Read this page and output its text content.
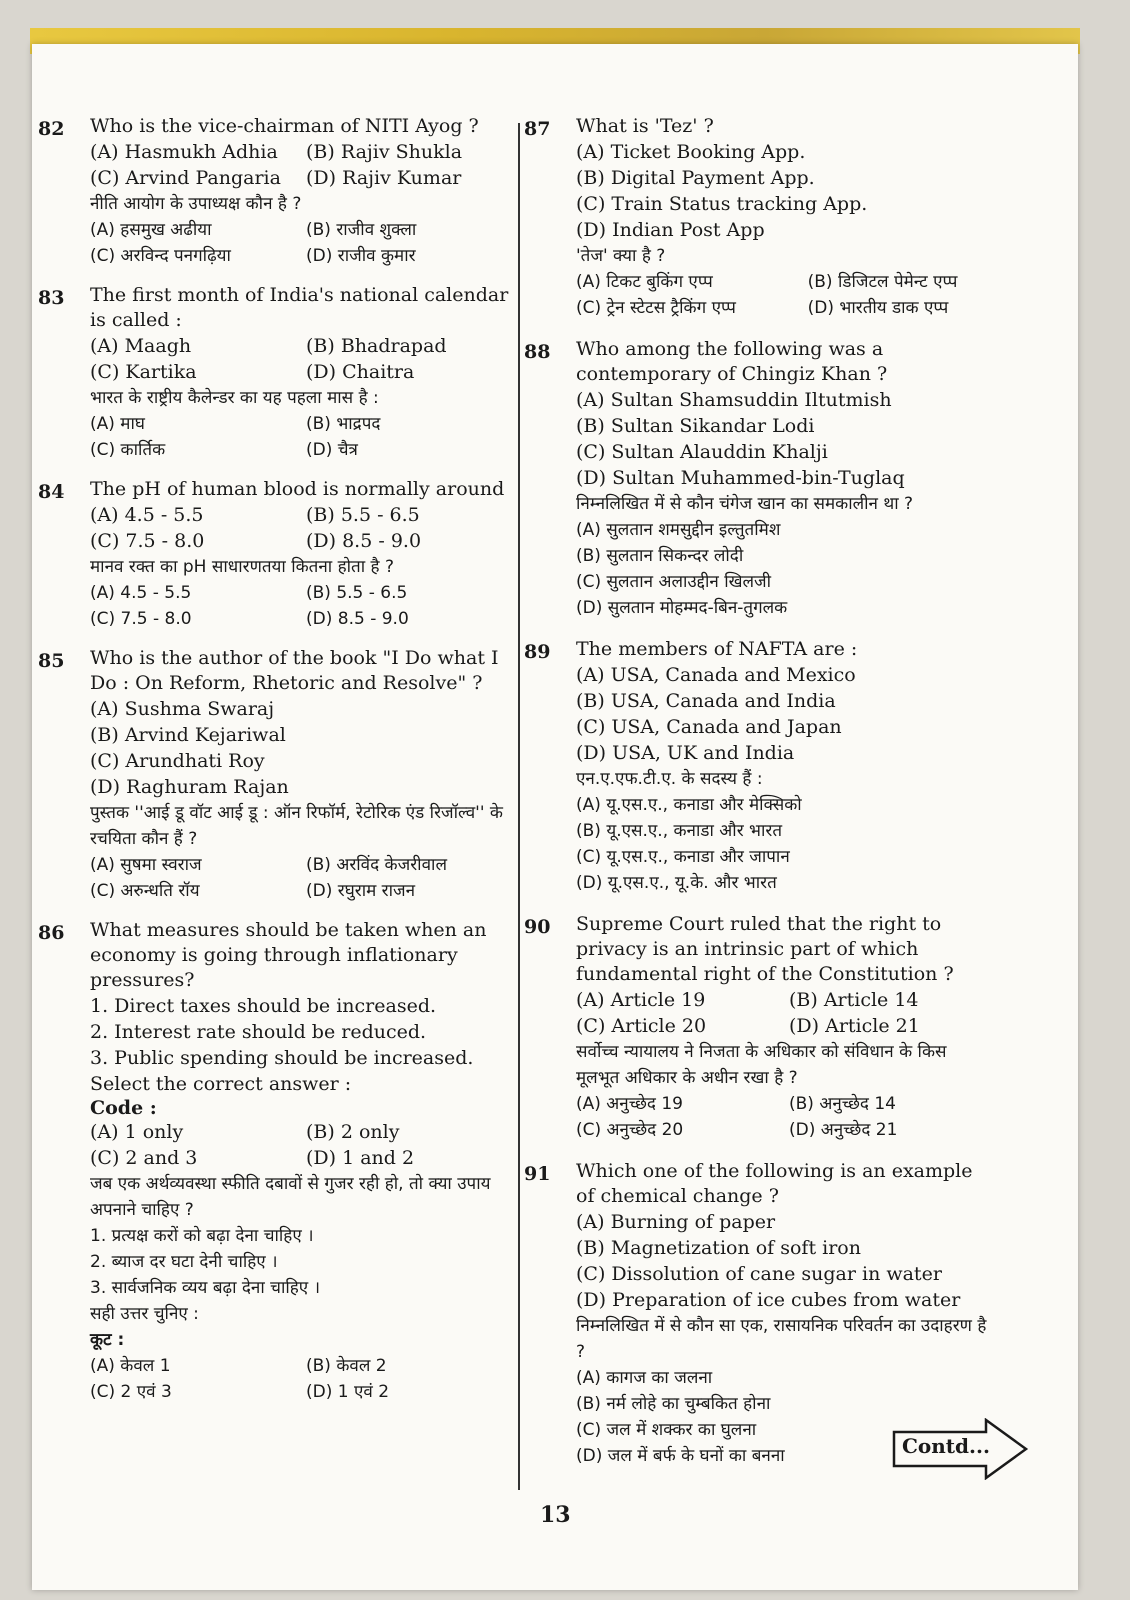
82 Who is the vice-chairman of NITI Ayog ?
(A) Hasmukh Adhia	(B) Rajiv Shukla
(C) Arvind Pangaria	(D) Rajiv Kumar
नीति आयोग के उपाध्यक्ष कौन है ?
(A) हसमुख अढीया	(B) राजीव शुक्ला
(C) अरविन्द पनगढ़िया	(D) राजीव कुमार
83 The first month of India's national calendar is called :
(A) Maagh	(B) Bhadrapad
(C) Kartika	(D) Chaitra
भारत के राष्ट्रीय कैलेन्डर का यह पहला मास है :
(A) माघ	(B) भाद्रपद
(C) कार्तिक	(D) चैत्र
84 The pH of human blood is normally around
(A) 4.5 - 5.5	(B) 5.5 - 6.5
(C) 7.5 - 8.0	(D) 8.5 - 9.0
मानव रक्त का pH साधारणतया कितना होता है ?
(A) 4.5 - 5.5	(B) 5.5 - 6.5
(C) 7.5 - 8.0	(D) 8.5 - 9.0
85 Who is the author of the book "I Do what I Do : On Reform, Rhetoric and Resolve" ?
(A) Sushma Swaraj
(B) Arvind Kejariwal
(C) Arundhati Roy
(D) Raghuram Rajan
पुस्तक ''आई डू वॉट आई डू : ऑन रिफॉर्म, रेटोरिक एंड रिजॉल्व'' के रचयिता कौन हैं ?
(A) सुषमा स्वराज	(B) अरविंद केजरीवाल
(C) अरुन्धति रॉय	(D) रघुराम राजन
86 What measures should be taken when an economy is going through inflationary pressures?
1. Direct taxes should be increased.
2. Interest rate should be reduced.
3. Public spending should be increased.
Select the correct answer :
Code :
(A) 1 only	(B) 2 only
(C) 2 and 3	(D) 1 and 2
जब एक अर्थव्यवस्था स्फीति दबावों से गुजर रही हो, तो क्या उपाय अपनाने चाहिए ?
1. प्रत्यक्ष करों को बढ़ा देना चाहिए ।
2. ब्याज दर घटा देनी चाहिए ।
3. सार्वजनिक व्यय बढ़ा देना चाहिए ।
सही उत्तर चुनिए :
कूट :
(A) केवल 1	(B) केवल 2
(C) 2 एवं 3	(D) 1 एवं 2
87 What is 'Tez' ?
(A) Ticket Booking App.
(B) Digital Payment App.
(C) Train Status tracking App.
(D) Indian Post App
'तेज' क्या है ?
(A) टिकट बुकिंग एप्प	(B) डिजिटल पेमेन्ट एप्प
(C) ट्रेन स्टेटस ट्रैकिंग एप्प	(D) भारतीय डाक एप्प
88 Who among the following was a contemporary of Chingiz Khan ?
(A) Sultan Shamsuddin Iltutmish
(B) Sultan Sikandar Lodi
(C) Sultan Alauddin Khalji
(D) Sultan Muhammed-bin-Tuglaq
निम्नलिखित में से कौन चंगेज खान का समकालीन था ?
(A) सुलतान शमसुद्दीन इल्तुतमिश
(B) सुलतान सिकन्दर लोदी
(C) सुलतान अलाउद्दीन खिलजी
(D) सुलतान मोहम्मद-बिन-तुगलक
89 The members of NAFTA are :
(A) USA, Canada and Mexico
(B) USA, Canada and India
(C) USA, Canada and Japan
(D) USA, UK and India
एन.ए.एफ.टी.ए. के सदस्य हैं :
(A) यू.एस.ए., कनाडा और मेक्सिको
(B) यू.एस.ए., कनाडा और भारत
(C) यू.एस.ए., कनाडा और जापान
(D) यू.एस.ए., यू.के. और भारत
90 Supreme Court ruled that the right to privacy is an intrinsic part of which fundamental right of the Constitution ?
(A) Article 19	(B) Article 14
(C) Article 20	(D) Article 21
सर्वोच्च न्यायालय ने निजता के अधिकार को संविधान के किस मूलभूत अधिकार के अधीन रखा है ?
(A) अनुच्छेद 19	(B) अनुच्छेद 14
(C) अनुच्छेद 20	(D) अनुच्छेद 21
91 Which one of the following is an example of chemical change ?
(A) Burning of paper
(B) Magnetization of soft iron
(C) Dissolution of cane sugar in water
(D) Preparation of ice cubes from water
निम्नलिखित में से कौन सा एक, रासायनिक परिवर्तन का उदाहरण है ?
(A) कागज का जलना
(B) नर्म लोहे का चुम्बकित होना
(C) जल में शक्कर का घुलना
(D) जल में बर्फ के घनों का बनना	Contd...
13
